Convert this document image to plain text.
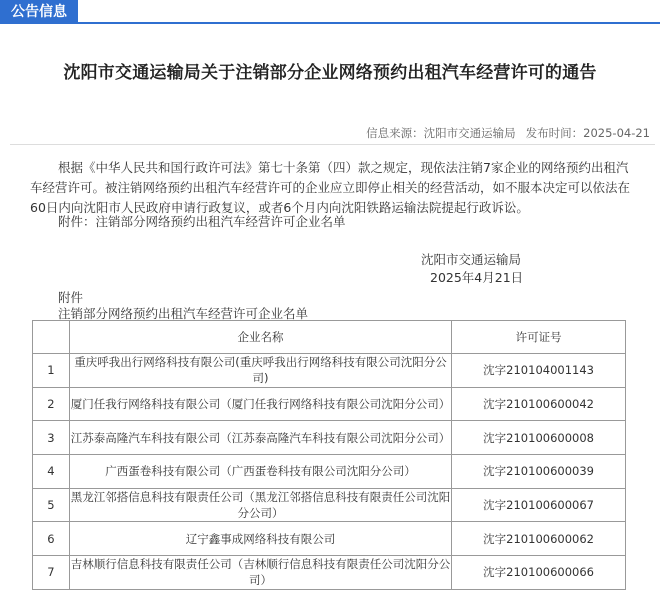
公告信息
沈阳市交通运输局关于注销部分企业网络预约出租汽车经营许可的通告
信息来源：沈阳市交通运输局 发布时间：2025-04-21

根据《中华人民共和国行政许可法》第七十条第（四）款之规定，现依法注销7家企业的网络预约出租汽车经营许可。被注销网络预约出租汽车经营许可的企业应立即停止相关的经营活动，如不服本决定可以依法在60日内向沈阳市人民政府申请行政复议，或者6个月内向沈阳铁路运输法院提起行政诉讼。

附件：注销部分网络预约出租汽车经营许可企业名单

沈阳市交通运输局

2025年4月21日

附件

注销部分网络预约出租汽车经营许可企业名单

	企业名称	许可证号
1	重庆呼我出行网络科技有限公司(重庆呼我出行网络科技有限公司沈阳分公司)	沈字210104001143
2	厦门任我行网络科技有限公司（厦门任我行网络科技有限公司沈阳分公司）	沈字210100600042
3	江苏泰高隆汽车科技有限公司（江苏泰高隆汽车科技有限公司沈阳分公司）	沈字210100600008
4	广西蛋卷科技有限公司（广西蛋卷科技有限公司沈阳分公司）	沈字210100600039
5	黑龙江邻搭信息科技有限责任公司（黑龙江邻搭信息科技有限责任公司沈阳分公司）	沈字210100600067
6	辽宁鑫事成网络科技有限公司	沈字210100600062
7	吉林顺行信息科技有限责任公司（吉林顺行信息科技有限责任公司沈阳分公司）	沈字210100600066
